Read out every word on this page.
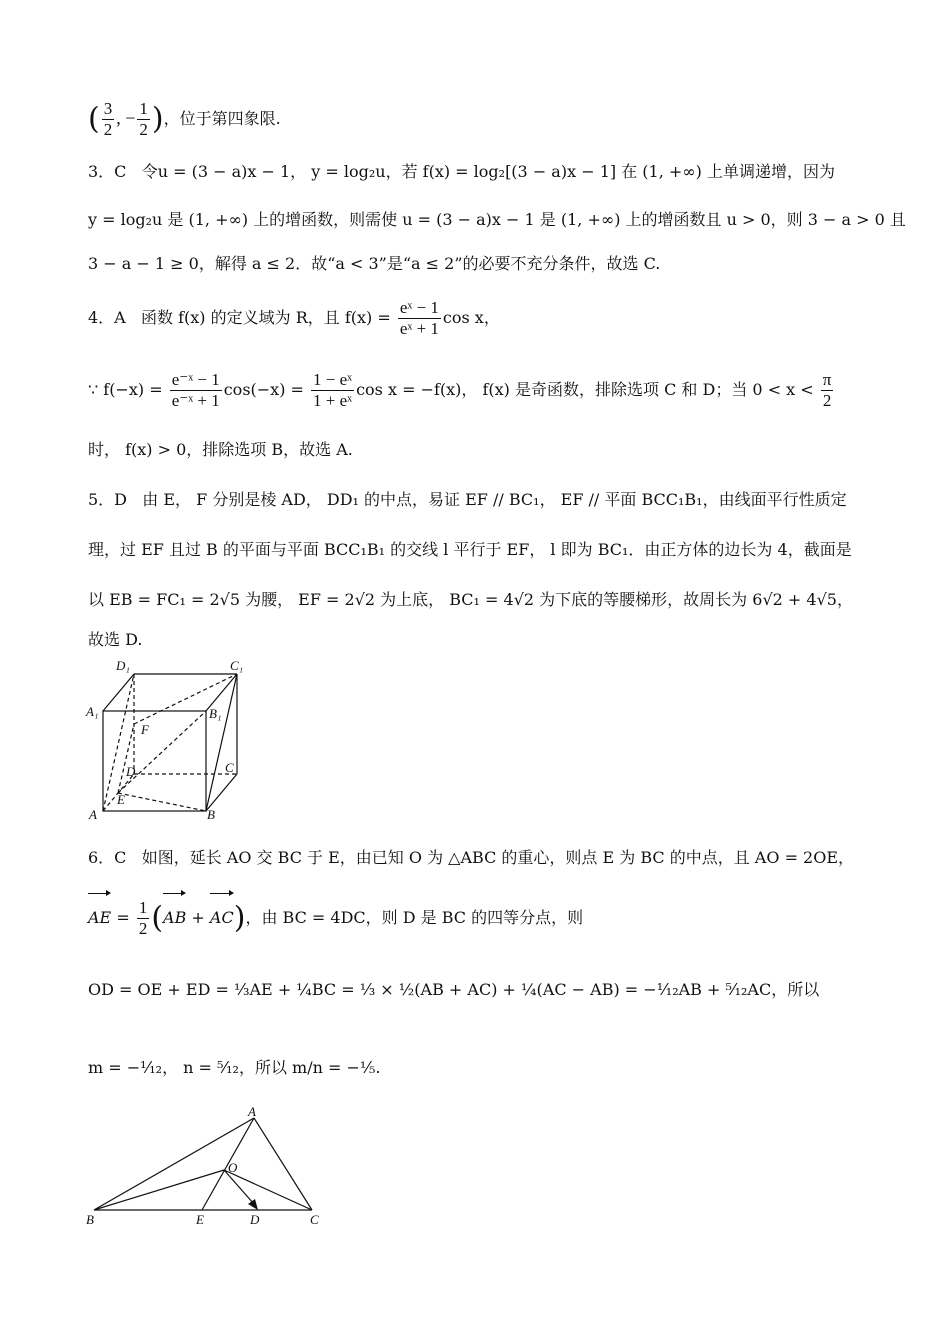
( $\frac{3}{2}$ , − $\frac{1}{2}$ )，位于第四象限.
3．C 令u = (3 − a)x − 1， y = log₂u，若 f(x) = log₂[(3 − a)x − 1] 在 (1, +∞) 上单调递增，因为
y = log₂u 是 (1, +∞) 上的增函数，则需使 u = (3 − a)x − 1 是 (1, +∞) 上的增函数且 u > 0，则 3 − a > 0 且
3 − a − 1 ≥ 0，解得 a ≤ 2．故“a < 3”是“a ≤ 2”的必要不充分条件，故选 C.
4．A 函数 f(x) 的定义域为 R，且 $f(x) = \frac{\text{eˣ − 1}}{\text{eˣ + 1}}$ cos x，
∵ $f(-x) = \frac{\text{e⁻ˣ − 1}}{\text{e⁻ˣ + 1}} \cos(-x) = \frac{\text{1 − eˣ}}{\text{1 + eˣ}}$ cos x = −f(x)， f(x) 是奇函数，排除选项 C 和 D；当 $0 < x < \frac{\pi}{2}$
时， f(x) > 0，排除选项 B，故选 A.
5．D 由 E， F 分别是棱 AD， DD₁ 的中点，易证 EF // BC₁， EF // 平面 BCC₁B₁，由线面平行性质定
理，过 EF 且过 B 的平面与平面 BCC₁B₁ 的交线 l 平行于 EF， l 即为 BC₁．由正方体的边长为 4，截面是
以 EB = FC₁ = 2√5 为腰， EF = 2√2 为上底， BC₁ = 4√2 为下底的等腰梯形，故周长为 6√2 + 4√5，
故选 D.
D₁	C₁
A₁	B₁
F
D	C
E
A	B
6．C 如图，延长 AO 交 BC 于 E，由已知 O 为 △ABC 的重心，则点 E 为 BC 的中点，且 AO = 2OE，
AE = $\frac{1}{2} (AB + AC)$，由 BC = 4DC，则 D 是 BC 的四等分点，则
OD = OE + ED = ⅓AE + ¼BC = ⅓ × ½(AB + AC) + ¼(AC − AB) = −¹⁄₁₂AB + ⁵⁄₁₂AC，所以
m = −¹⁄₁₂， n = ⁵⁄₁₂，所以 m/n = −⅕.
A
O
B	E	D	C
